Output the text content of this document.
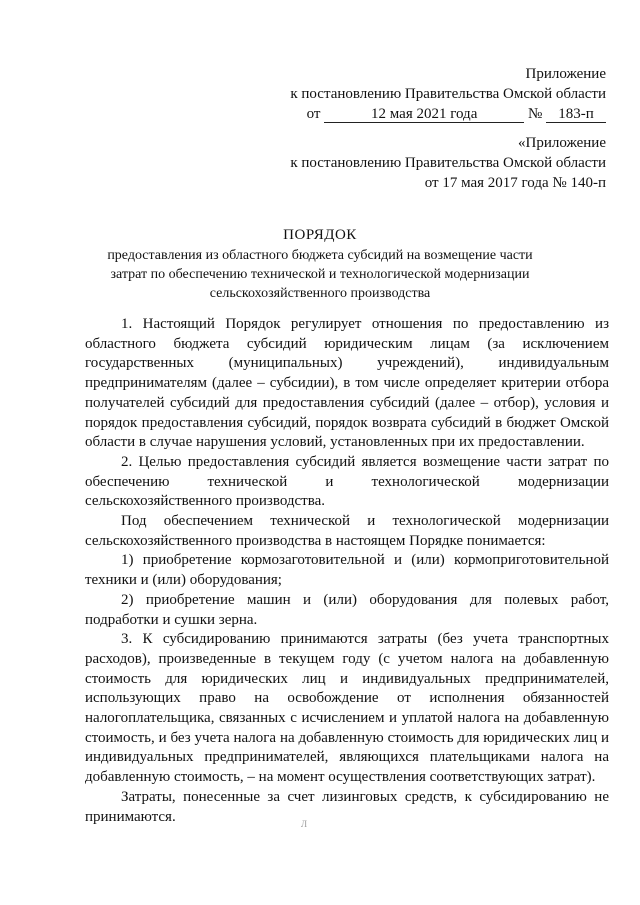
Приложение
к постановлению Правительства Омской области
от	12 мая 2021 года	№ 183-п
«Приложение
к постановлению Правительства Омской области
от 17 мая 2017 года № 140-п
ПОРЯДОК
предоставления из областного бюджета субсидий на возмещение части затрат по обеспечению технической и технологической модернизации сельскохозяйственного производства

1. Настоящий Порядок регулирует отношения по предоставлению из областного бюджета субсидий юридическим лицам (за исключением государственных (муниципальных) учреждений), индивидуальным предпринимателям (далее – субсидии), в том числе определяет критерии отбора получателей субсидий для предоставления субсидий (далее – отбор), условия и порядок предоставления субсидий, порядок возврата субсидий в бюджет Омской области в случае нарушения условий, установленных при их предоставлении.

2. Целью предоставления субсидий является возмещение части затрат по обеспечению технической и технологической модернизации сельскохозяйственного производства.

Под обеспечением технической и технологической модернизации сельскохозяйственного производства в настоящем Порядке понимается:

1) приобретение кормозаготовительной и (или) кормоприготовительной техники и (или) оборудования;

2) приобретение машин и (или) оборудования для полевых работ, подработки и сушки зерна.

3. К субсидированию принимаются затраты (без учета транспортных расходов), произведенные в текущем году (с учетом налога на добавленную стоимость для юридических лиц и индивидуальных предпринимателей, использующих право на освобождение от исполнения обязанностей налогоплательщика, связанных с исчислением и уплатой налога на добавленную стоимость, и без учета налога на добавленную стоимость для юридических лиц и индивидуальных предпринимателей, являющихся плательщиками налога на добавленную стоимость, – на момент осуществления соответствующих затрат).

Затраты, понесенные за счет лизинговых средств, к субсидированию не принимаются.	Л
